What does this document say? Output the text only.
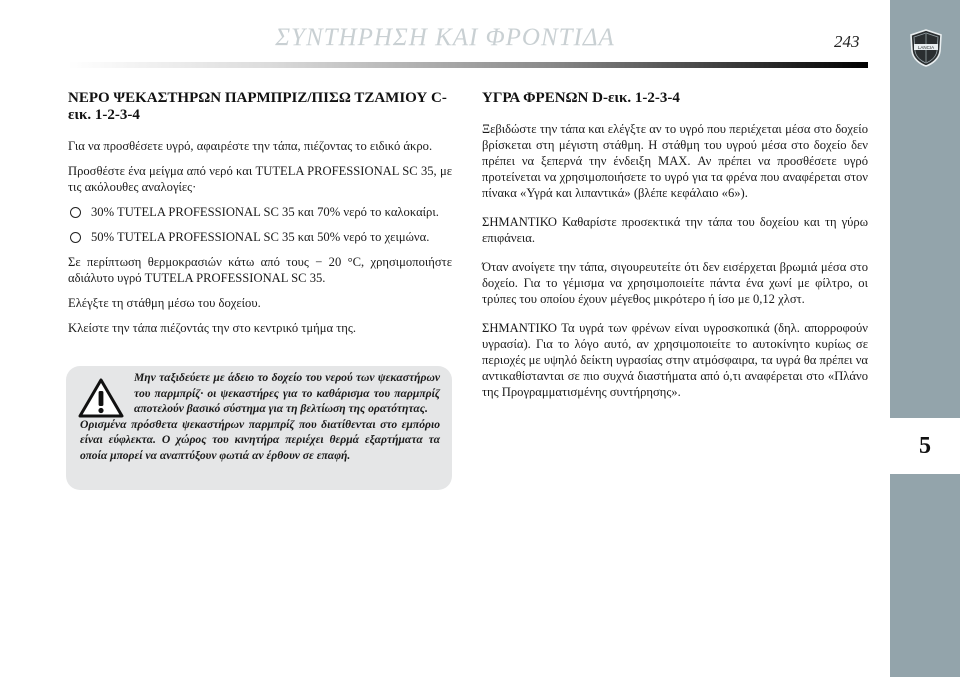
ΣΥΝΤΗΡΗΣΗ ΚΑΙ ΦΡΟΝΤΙΔΑ	243	LANCIA
5
ΝΕΡΟ ΨΕΚΑΣΤΗΡΩΝ ΠΑΡΜΠΡΙΖ/ΠΙΣΩ ΤΖΑΜΙΟΥ C-εικ. 1-2-3-4

Για να προσθέσετε υγρό, αφαιρέστε την τάπα, πιέζοντας το ειδικό άκρο.

Προσθέστε ένα μείγμα από νερό και TUTELA PROFESSIONAL SC 35, με τις ακόλουθες αναλογίες·

30% TUTELA PROFESSIONAL SC 35 και 70% νερό το καλοκαίρι.
50% TUTELA PROFESSIONAL SC 35 και 50% νερό το χειμώνα.

Σε περίπτωση θερμοκρασιών κάτω από τους − 20 °C, χρησιμοποιήστε αδιάλυτο υγρό TUTELA PROFESSIONAL SC 35.

Ελέγξτε τη στάθμη μέσω του δοχείου.

Κλείστε την τάπα πιέζοντάς την στο κεντρικό τμήμα της.

Μην ταξιδεύετε με άδειο το δοχείο του νερού των ψεκαστήρων του παρμπρίζ· οι ψεκαστήρες για το καθάρισμα του παρμπρίζ αποτελούν βασικό σύστημα για τη βελτίωση της ορατότητας.
Ορισμένα πρόσθετα ψεκαστήρων παρμπρίζ που διατίθενται στο εμπόριο είναι εύφλεκτα. Ο χώρος του κινητήρα περιέχει θερμά εξαρτήματα τα οποία μπορεί να αναπτύξουν φωτιά αν έρθουν σε επαφή.
ΥΓΡΑ ΦΡΕΝΩΝ D-εικ. 1-2-3-4

Ξεβιδώστε την τάπα και ελέγξτε αν το υγρό που περιέχεται μέσα στο δοχείο βρίσκεται στη μέγιστη στάθμη. Η στάθμη του υγρού μέσα στο δοχείο δεν πρέπει να ξεπερνά την ένδειξη MAX. Αν πρέπει να προσθέσετε υγρό προτείνεται να χρησιμοποιήσετε το υγρό για τα φρένα που αναφέρεται στον πίνακα «Υγρά και λιπαντικά» (βλέπε κεφάλαιο «6»).

ΣΗΜΑΝΤΙΚΟ Καθαρίστε προσεκτικά την τάπα του δοχείου και τη γύρω επιφάνεια.

Όταν ανοίγετε την τάπα, σιγουρευτείτε ότι δεν εισέρχεται βρωμιά μέσα στο δοχείο. Για το γέμισμα να χρησιμοποιείτε πάντα ένα χωνί με φίλτρο, οι τρύπες του οποίου έχουν μέγεθος μικρότερο ή ίσο με 0,12 χλστ.

ΣΗΜΑΝΤΙΚΟ Τα υγρά των φρένων είναι υγροσκοπικά (δηλ. απορροφούν υγρασία). Για το λόγο αυτό, αν χρησιμοποιείτε το αυτοκίνητο κυρίως σε περιοχές με υψηλό δείκτη υγρασίας στην ατμόσφαιρα, τα υγρά θα πρέπει να αντικαθίστανται σε πιο συχνά διαστήματα από ό,τι αναφέρεται στο «Πλάνο της Προγραμματισμένης συντήρησης».
